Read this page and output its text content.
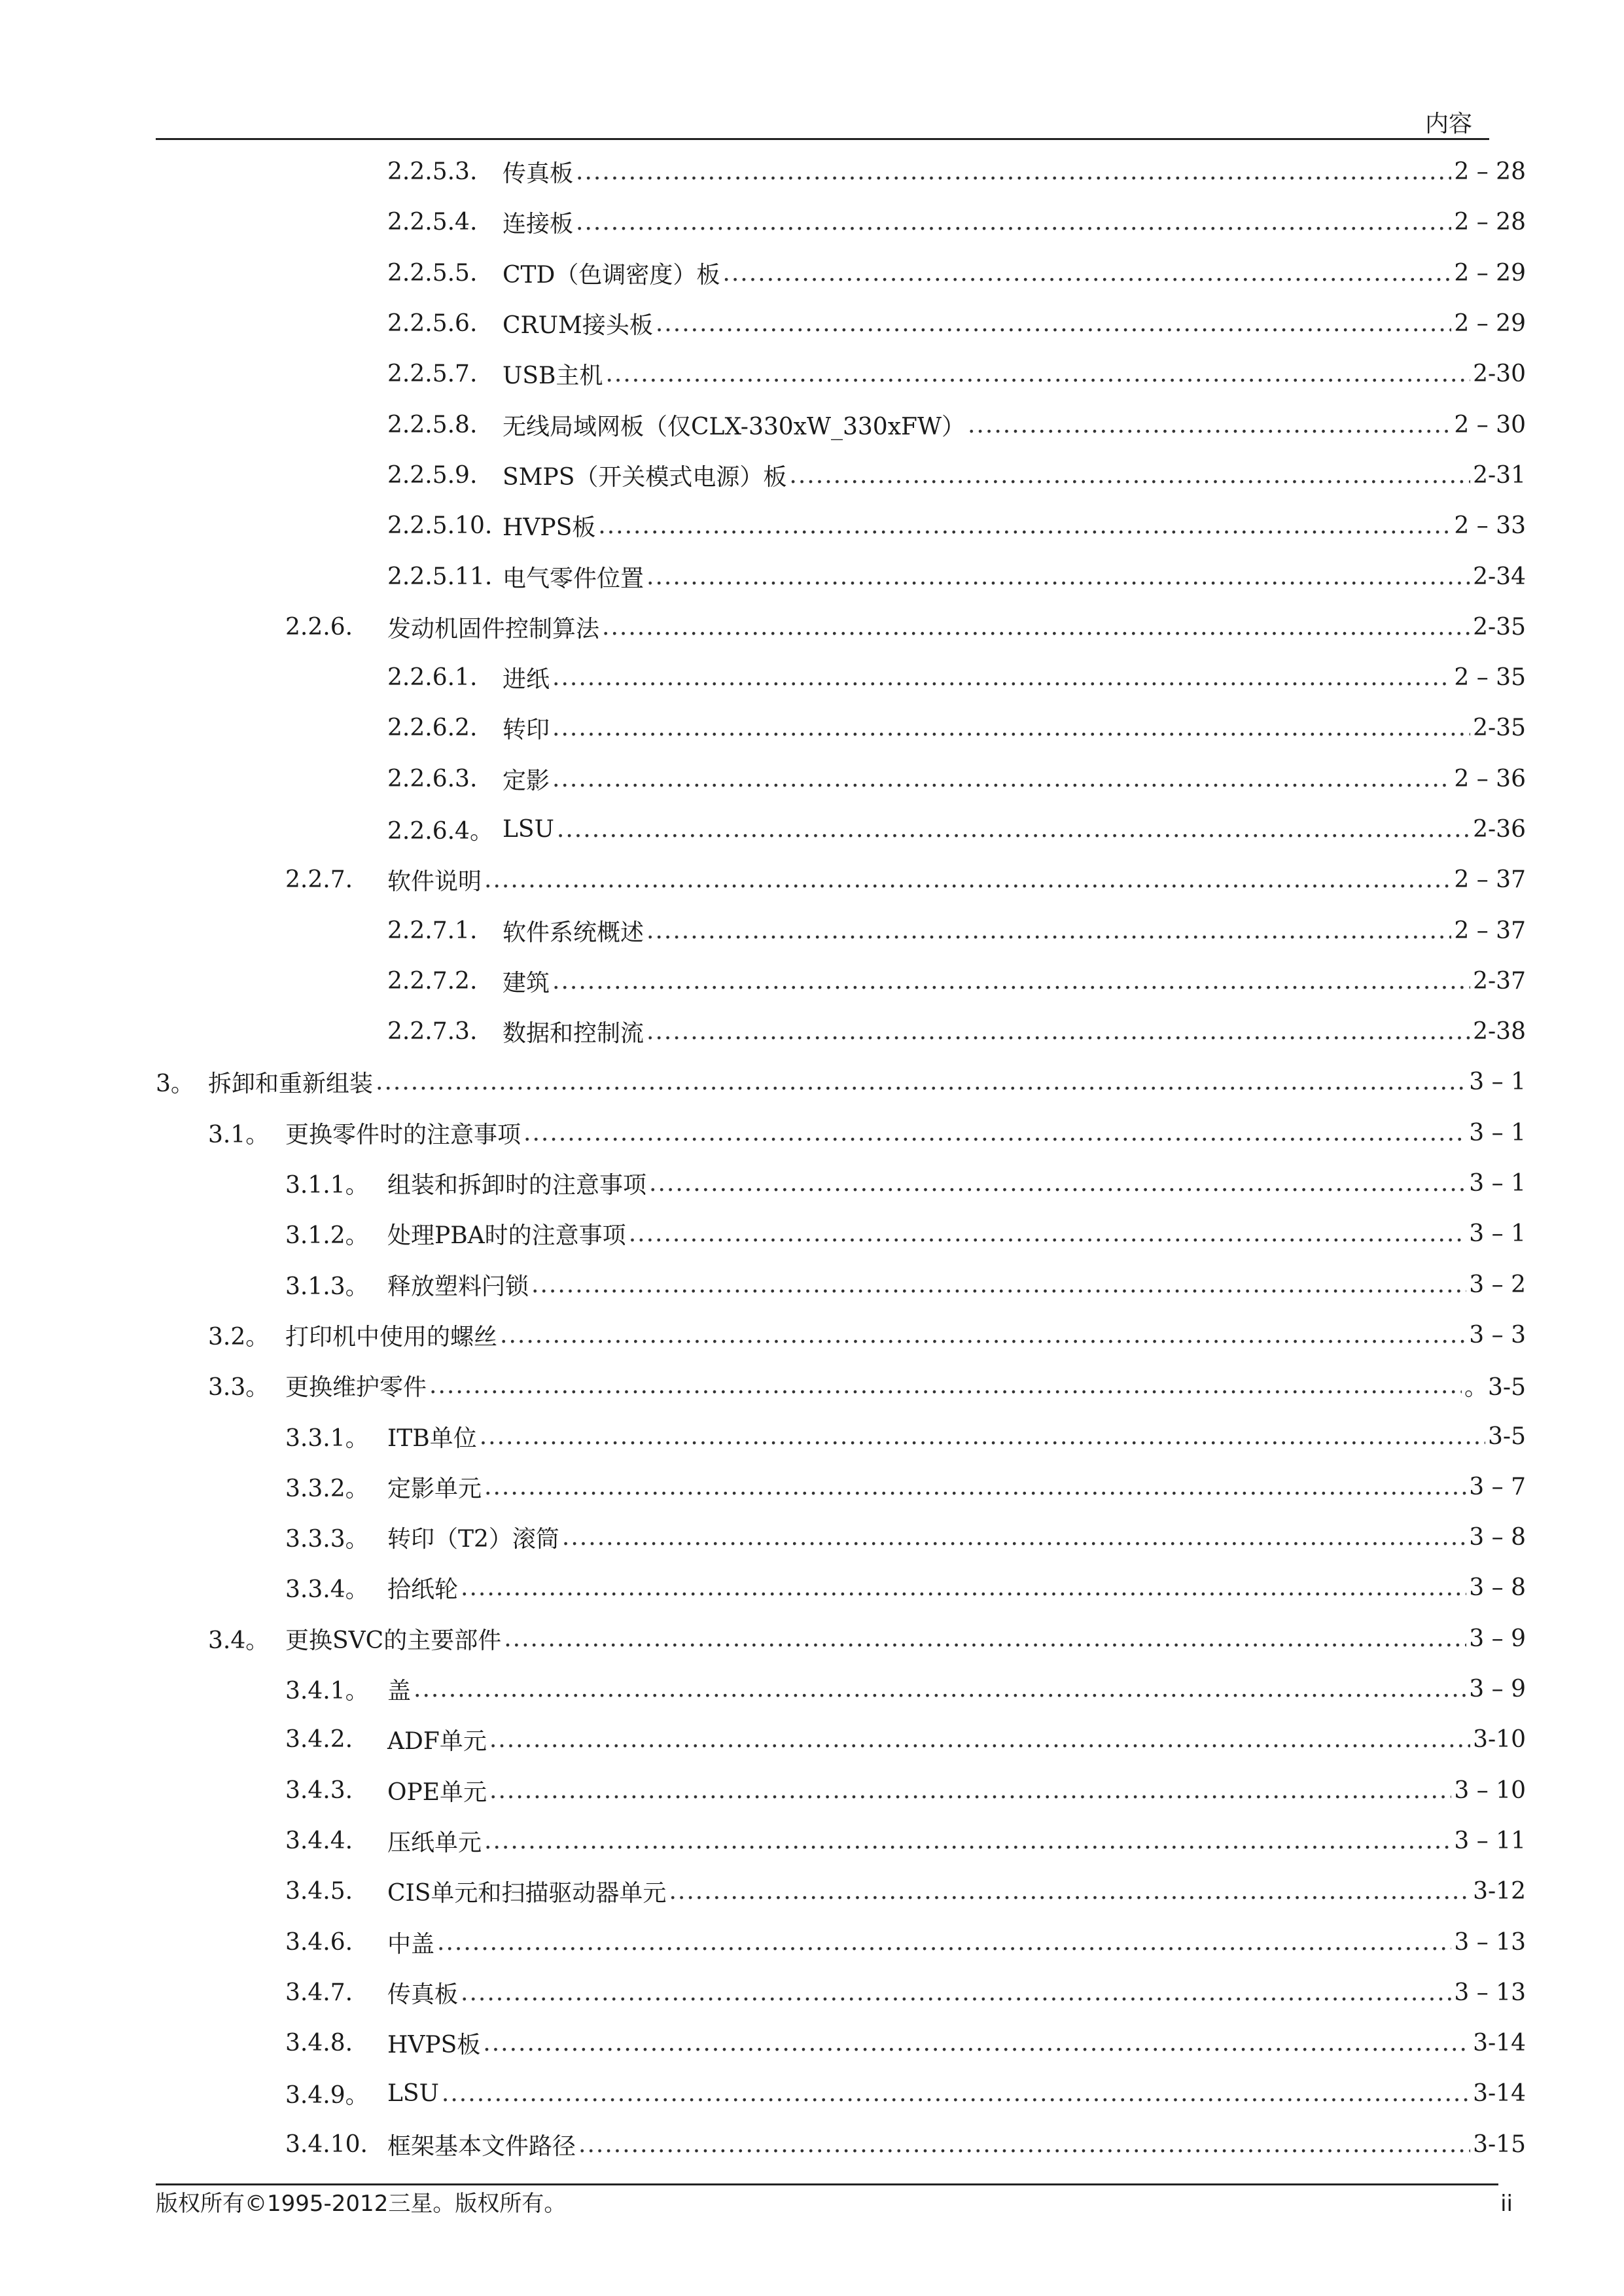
内容
2.2.5.3.	传真板 .....	2 – 28
2.2.5.4.	连接板 .....	2 – 28
2.2.5.5.	CTD（色调密度）板 .....	2 – 29
2.2.5.6.	CRUM接头板 .....	2 – 29
2.2.5.7.	USB主机 .....	2-30
2.2.5.8.	无线局域网板（仅CLX-330xW_330xFW） .....	2 – 30
2.2.5.9.	SMPS（开关模式电源）板 .....	2-31
2.2.5.10. HVPS板 .....	2 – 33
2.2.5.11. 电气零件位置 .....	2-34
2.2.6.	发动机固件控制算法 .....	2-35
2.2.6.1.	进纸 .....	2 – 35
2.2.6.2.	转印 .....	2-35
2.2.6.3.	定影 .....	2 – 36
2.2.6.4。 LSU .....	2-36
2.2.7.	软件说明 .....	2 – 37
2.2.7.1.	软件系统概述 .....	2 – 37
2.2.7.2.	建筑 .....	2-37
2.2.7.3.	数据和控制流 .....	2-38
3。 拆卸和重新组装 .....	3 – 1
3.1。 更换零件时的注意事项 .....	3 – 1
3.1.1。 组装和拆卸时的注意事项 .....	3 – 1
3.1.2。 处理PBA时的注意事项 .....	3 – 1
3.1.3。 释放塑料闩锁 .....	3 – 2
3.2。 打印机中使用的螺丝 .....	3 – 3
3.3。 更换维护零件 .....	。3-5
3.3.1。 ITB单位 .....	3-5
3.3.2。 定影单元 .....	3 – 7
3.3.3。 转印（T2）滚筒 .....	3 – 8
3.3.4。 拾纸轮 .....	3 – 8
3.4。 更换SVC的主要部件 .....	3 – 9
3.4.1。 盖 .....	3 – 9
3.4.2.	ADF单元 .....	3-10
3.4.3.	OPE单元 .....	3 – 10
3.4.4.	压纸单元 .....	3 – 11
3.4.5.	CIS单元和扫描驱动器单元 .....	3-12
3.4.6.	中盖 .....	3 – 13
3.4.7.	传真板 .....	3 – 13
3.4.8.	HVPS板 .....	3-14
3.4.9。 LSU .....	3-14
3.4.10. 框架基本文件路径 .....	3-15
版权所有©1995-2012三星。版权所有。	ii
